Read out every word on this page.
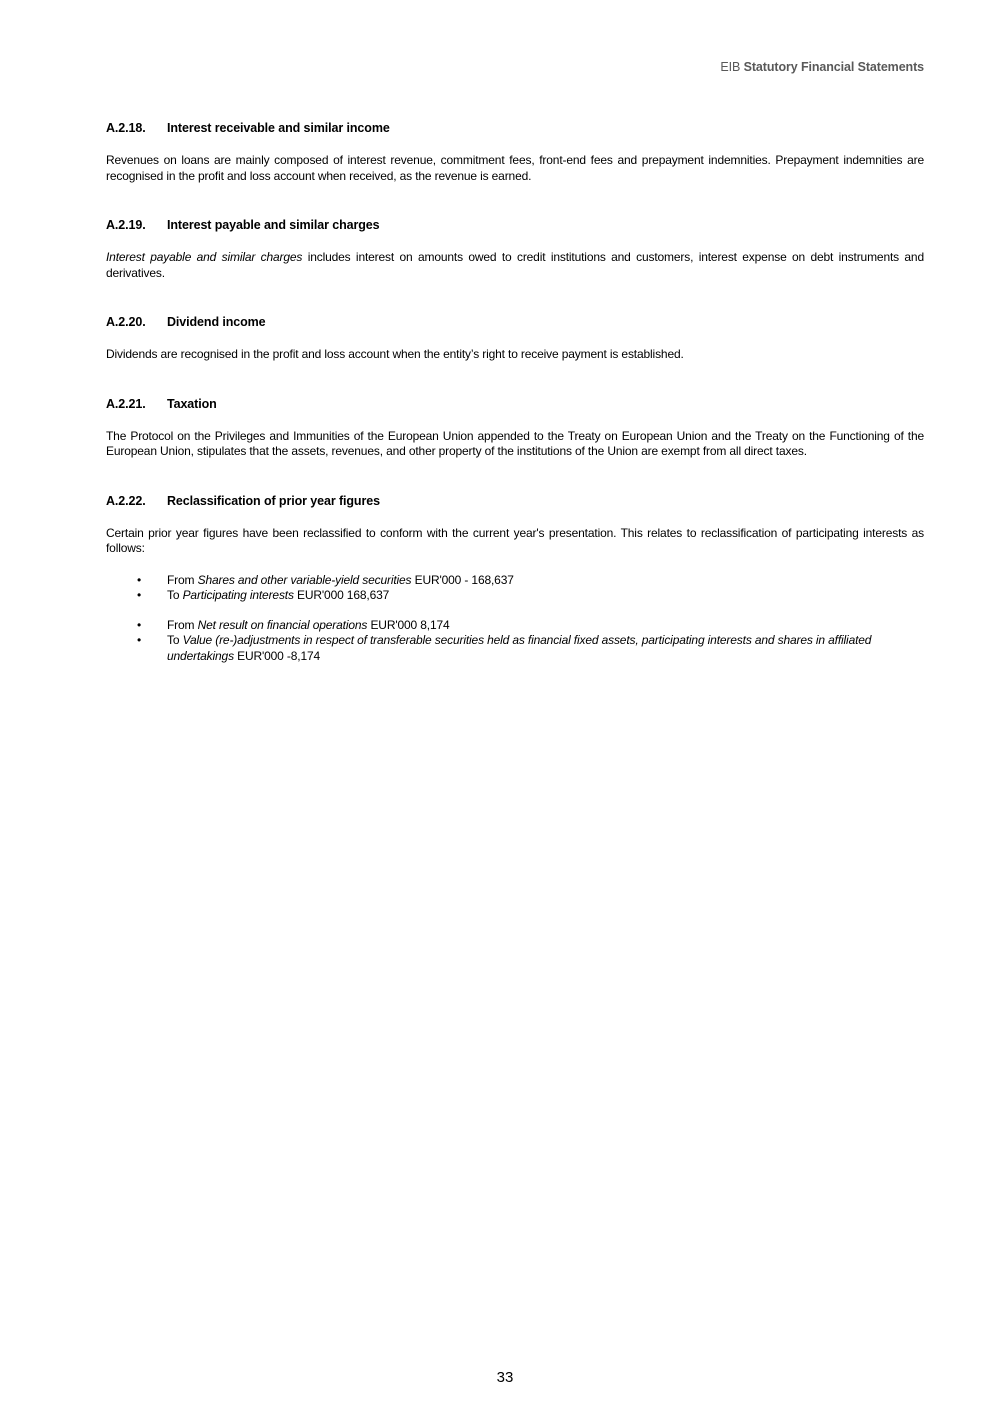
EIB Statutory Financial Statements
A.2.18.	Interest receivable and similar income

Revenues on loans are mainly composed of interest revenue, commitment fees, front-end fees and prepayment indemnities. Prepayment indemnities are recognised in the profit and loss account when received, as the revenue is earned.

A.2.19.	Interest payable and similar charges

Interest payable and similar charges includes interest on amounts owed to credit institutions and customers, interest expense on debt instruments and derivatives.

A.2.20.	Dividend income

Dividends are recognised in the profit and loss account when the entity’s right to receive payment is established.

A.2.21.	Taxation

The Protocol on the Privileges and Immunities of the European Union appended to the Treaty on European Union and the Treaty on the Functioning of the European Union, stipulates that the assets, revenues, and other property of the institutions of the Union are exempt from all direct taxes.

A.2.22.	Reclassification of prior year figures

Certain prior year figures have been reclassified to conform with the current year's presentation. This relates to reclassification of participating interests as follows:

• From Shares and other variable-yield securities EUR'000 - 168,637
• To Participating interests EUR'000 168,637
• From Net result on financial operations EUR'000 8,174
• To Value (re-)adjustments in respect of transferable securities held as financial fixed assets, participating interests and shares in affiliated undertakings EUR'000 -8,174
33
